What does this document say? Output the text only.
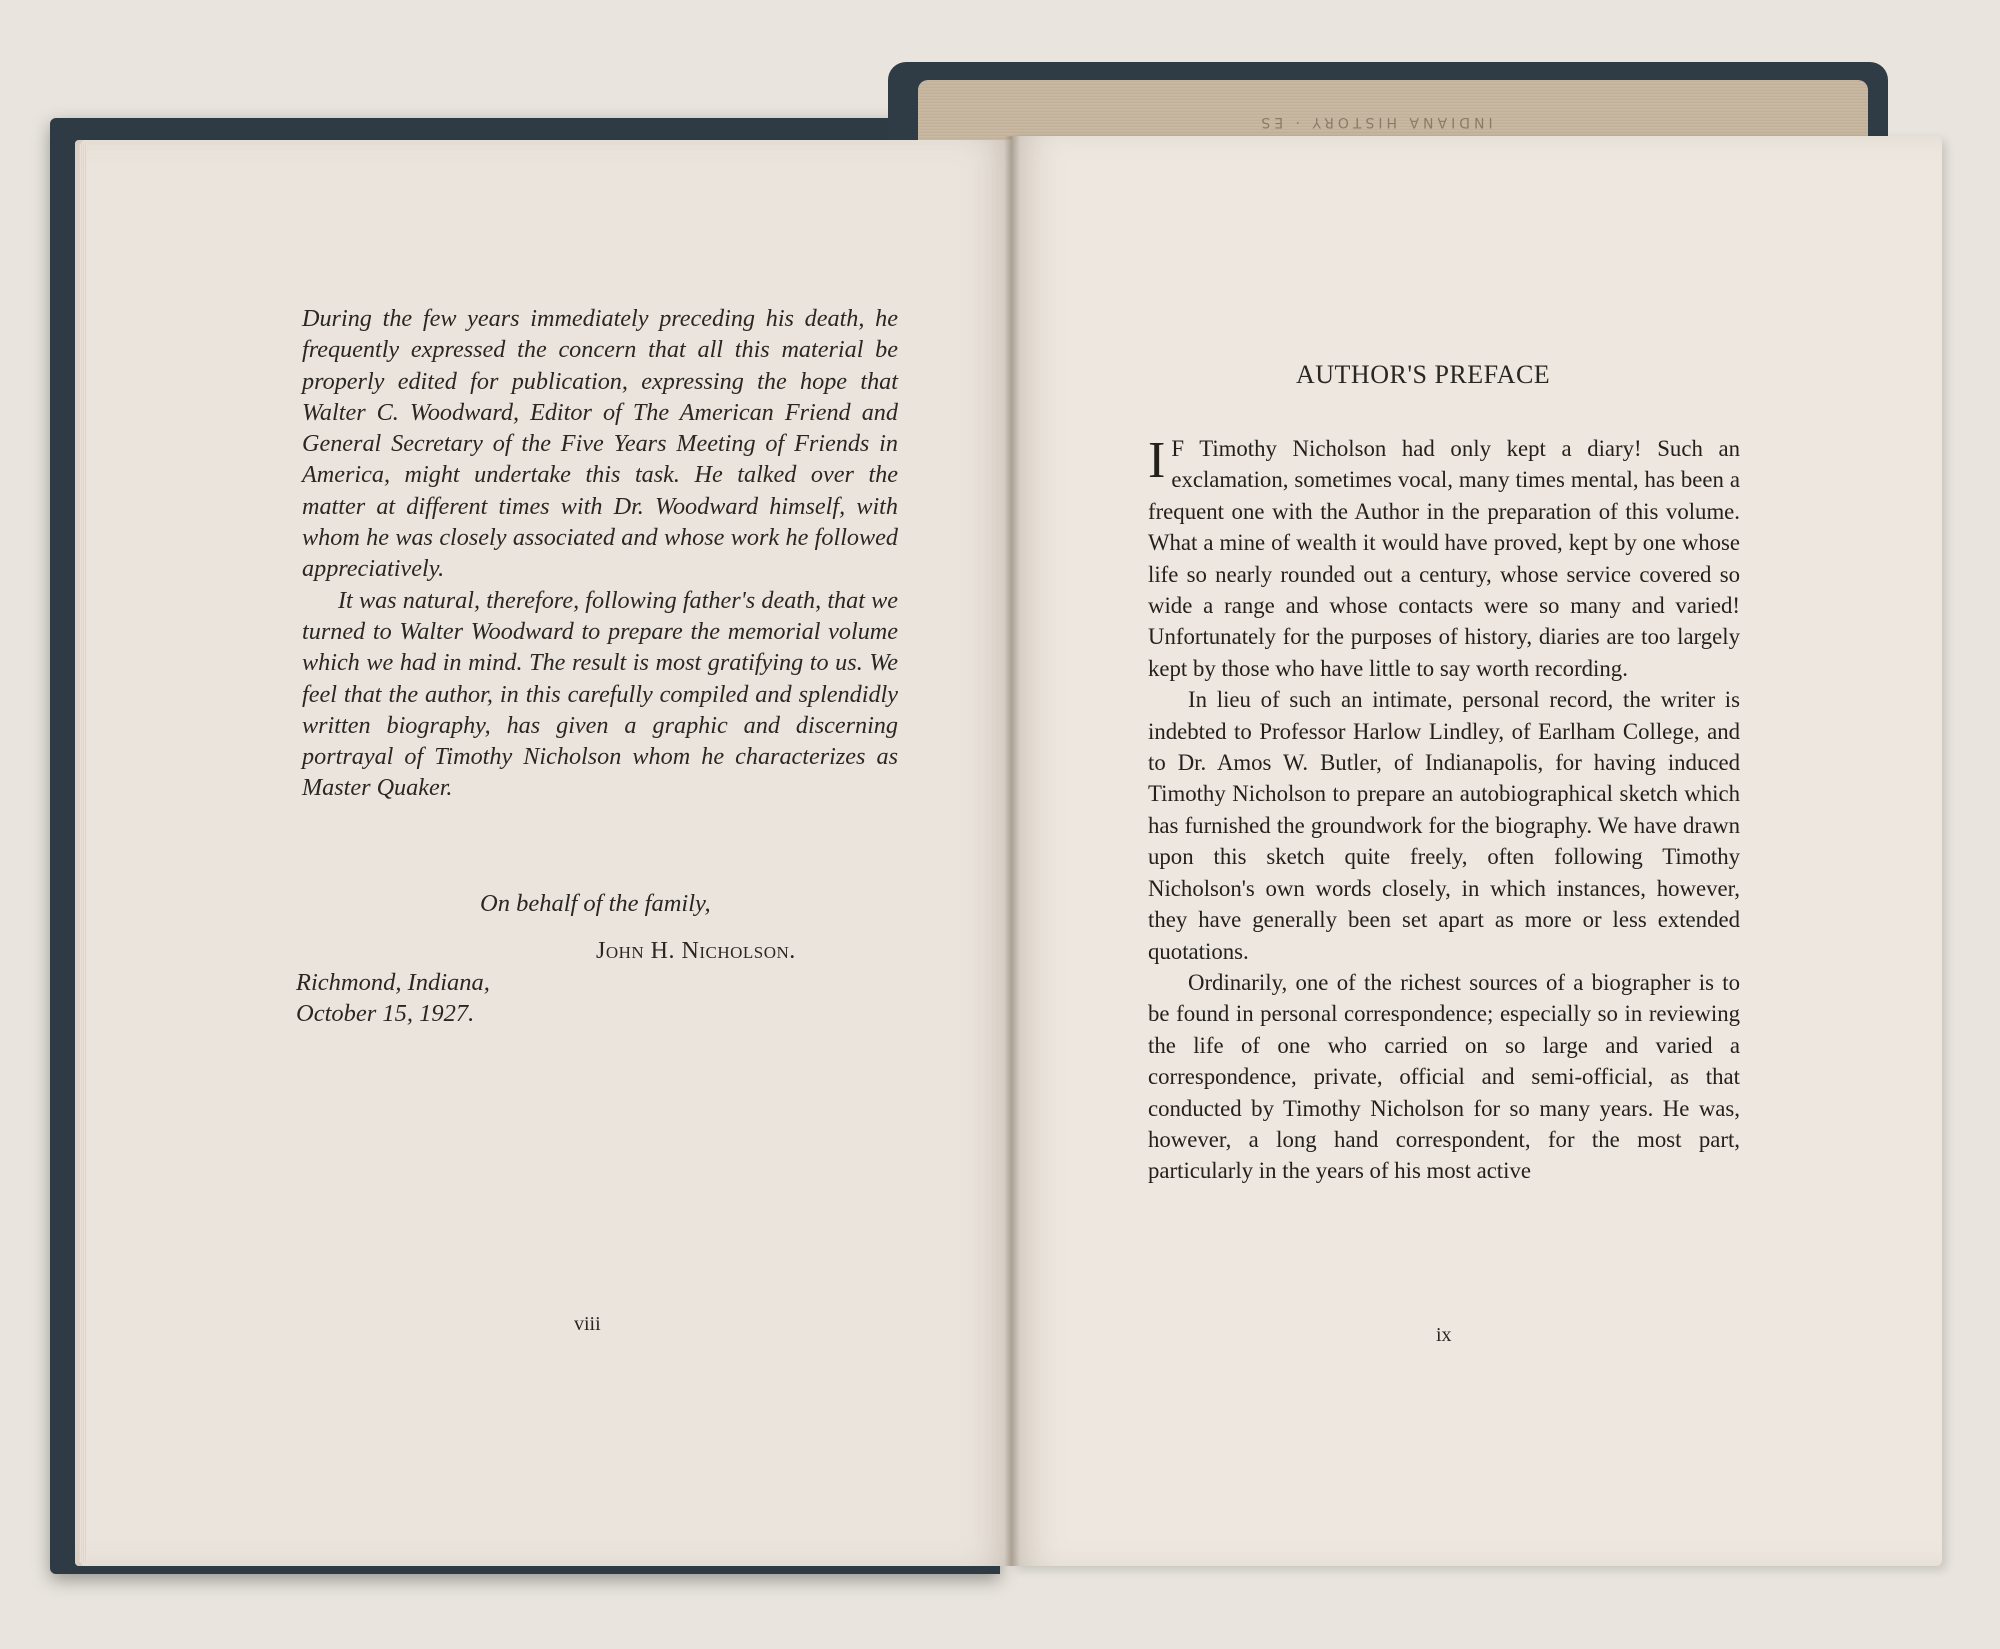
INDIANA HISTORY · ES

During the few years immediately preceding his death, he frequently expressed the concern that all this material be properly edited for publication, expressing the hope that Walter C. Woodward, Editor of The American Friend and General Secretary of the Five Years Meeting of Friends in America, might undertake this task. He talked over the matter at different times with Dr. Woodward himself, with whom he was closely associated and whose work he followed appreciatively.

It was natural, therefore, following father's death, that we turned to Walter Woodward to prepare the memorial volume which we had in mind. The result is most gratifying to us. We feel that the author, in this carefully compiled and splendidly written biography, has given a graphic and discerning portrayal of Timothy Nicholson whom he characterizes as Master Quaker.

On behalf of the family,
John H. Nicholson.
Richmond, Indiana,
October 15, 1927.
viii
AUTHOR'S PREFACE

I F Timothy Nicholson had only kept a diary! Such an exclamation, sometimes vocal, many times mental, has been a frequent one with the Author in the preparation of this volume. What a mine of wealth it would have proved, kept by one whose life so nearly rounded out a century, whose service covered so wide a range and whose contacts were so many and varied! Unfortunately for the purposes of history, diaries are too largely kept by those who have little to say worth recording.

In lieu of such an intimate, personal record, the writer is indebted to Professor Harlow Lindley, of Earlham College, and to Dr. Amos W. Butler, of Indianapolis, for having induced Timothy Nicholson to prepare an autobiographical sketch which has furnished the groundwork for the biography. We have drawn upon this sketch quite freely, often following Timothy Nicholson's own words closely, in which instances, however, they have generally been set apart as more or less extended quotations.

Ordinarily, one of the richest sources of a biographer is to be found in personal correspondence; especially so in reviewing the life of one who carried on so large and varied a correspondence, private, official and semi-official, as that conducted by Timothy Nicholson for so many years. He was, however, a long hand correspondent, for the most part, particularly in the years of his most active

ix
